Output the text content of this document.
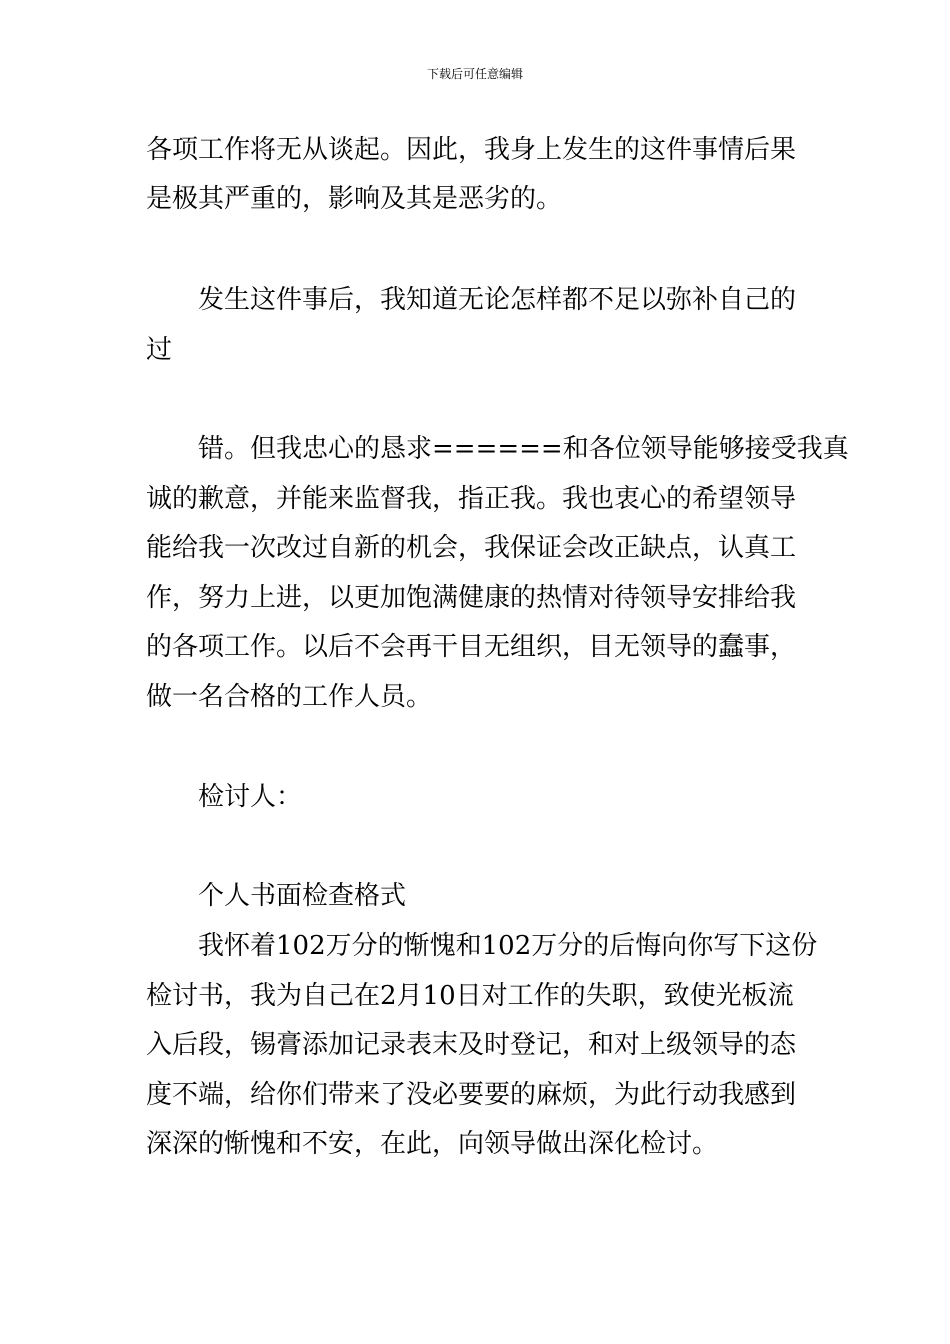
下载后可任意编辑
各项工作将无从谈起。因此，我身上发生的这件事情后果
是极其严重的，影响及其是恶劣的。
发生这件事后，我知道无论怎样都不足以弥补自己的
过
错。但我忠心的恳求======和各位领导能够接受我真
诚的歉意，并能来监督我，指正我。我也衷心的希望领导
能给我一次改过自新的机会，我保证会改正缺点，认真工
作，努力上进，以更加饱满健康的热情对待领导安排给我
的各项工作。以后不会再干目无组织，目无领导的蠢事，
做一名合格的工作人员。
检讨人：
个人书面检查格式
我怀着102万分的惭愧和102万分的后悔向你写下这份
检讨书，我为自己在2月10日对工作的失职，致使光板流
入后段，锡膏添加记录表末及时登记，和对上级领导的态
度不端，给你们带来了没必要要的麻烦，为此行动我感到
深深的惭愧和不安，在此，向领导做出深化检讨。
